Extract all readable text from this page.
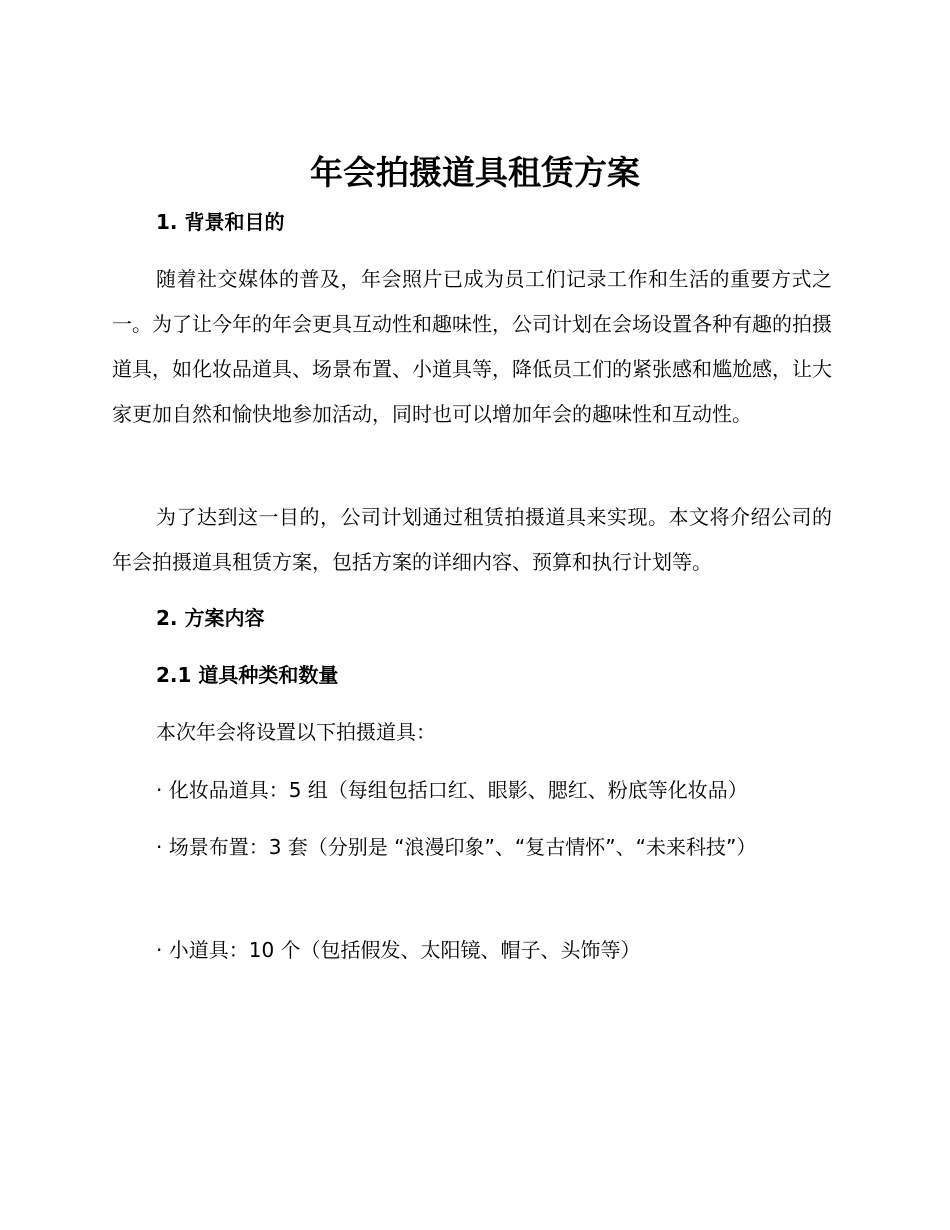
年会拍摄道具租赁方案
1. 背景和目的

随着社交媒体的普及，年会照片已成为员工们记录工作和生活的重要方式之一。为了让今年的年会更具互动性和趣味性，公司计划在会场设置各种有趣的拍摄道具，如化妆品道具、场景布置、小道具等，降低员工们的紧张感和尴尬感，让大家更加自然和愉快地参加活动，同时也可以增加年会的趣味性和互动性。

为了达到这一目的，公司计划通过租赁拍摄道具来实现。本文将介绍公司的年会拍摄道具租赁方案，包括方案的详细内容、预算和执行计划等。

2. 方案内容
2.1 道具种类和数量

本次年会将设置以下拍摄道具：

· 化妆品道具：5 组（每组包括口红、眼影、腮红、粉底等化妆品）

· 场景布置：3 套（分别是 “浪漫印象”、“复古情怀”、“未来科技”）

· 小道具：10 个（包括假发、太阳镜、帽子、头饰等）
